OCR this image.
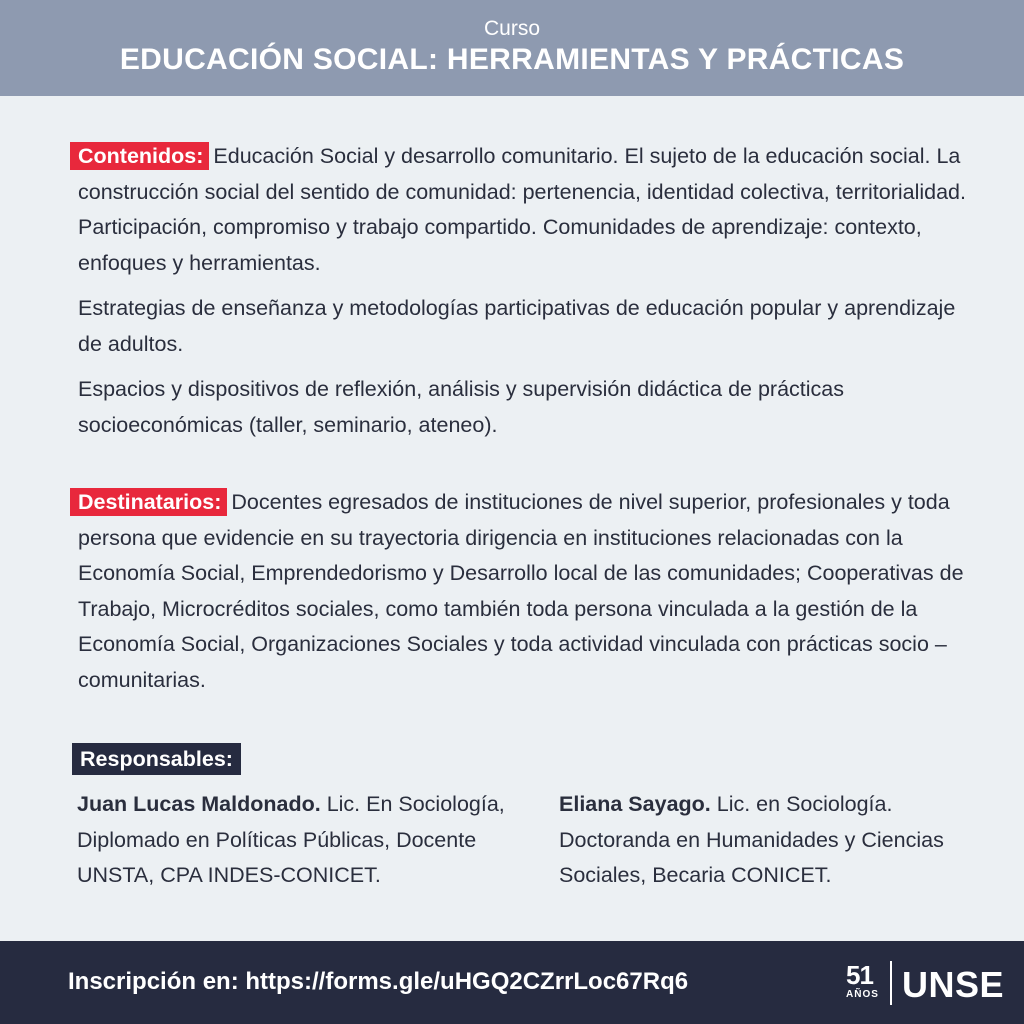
Curso
EDUCACIÓN SOCIAL: HERRAMIENTAS Y PRÁCTICAS

Contenidos: Educación Social y desarrollo comunitario. El sujeto de la educación social. La construcción social del sentido de comunidad: pertenencia, identidad colectiva, territorialidad. Participación, compromiso y trabajo compartido. Comunidades de aprendizaje: contexto, enfoques y herramientas.

Estrategias de enseñanza y metodologías participativas de educación popular y aprendizaje de adultos.

Espacios y dispositivos de reflexión, análisis y supervisión didáctica de prácticas socioeconómicas (taller, seminario, ateneo).

Destinatarios: Docentes egresados de instituciones de nivel superior, profesionales y toda persona que evidencie en su trayectoria dirigencia en instituciones relacionadas con la Economía Social, Emprendedorismo y Desarrollo local de las comunidades; Cooperativas de Trabajo, Microcréditos sociales, como también toda persona vinculada a la gestión de la Economía Social, Organizaciones Sociales y toda actividad vinculada con prácticas socio – comunitarias.

Responsables:
Juan Lucas Maldonado. Lic. En Sociología, Diplomado en Políticas Públicas, Docente UNSTA, CPA INDES-CONICET.
Eliana Sayago. Lic. en Sociología. Doctoranda en Humanidades y Ciencias Sociales, Becaria CONICET.
Inscripción en: https://forms.gle/uHGQ2CZrrLoc67Rq6	51
AÑOS UNSE
